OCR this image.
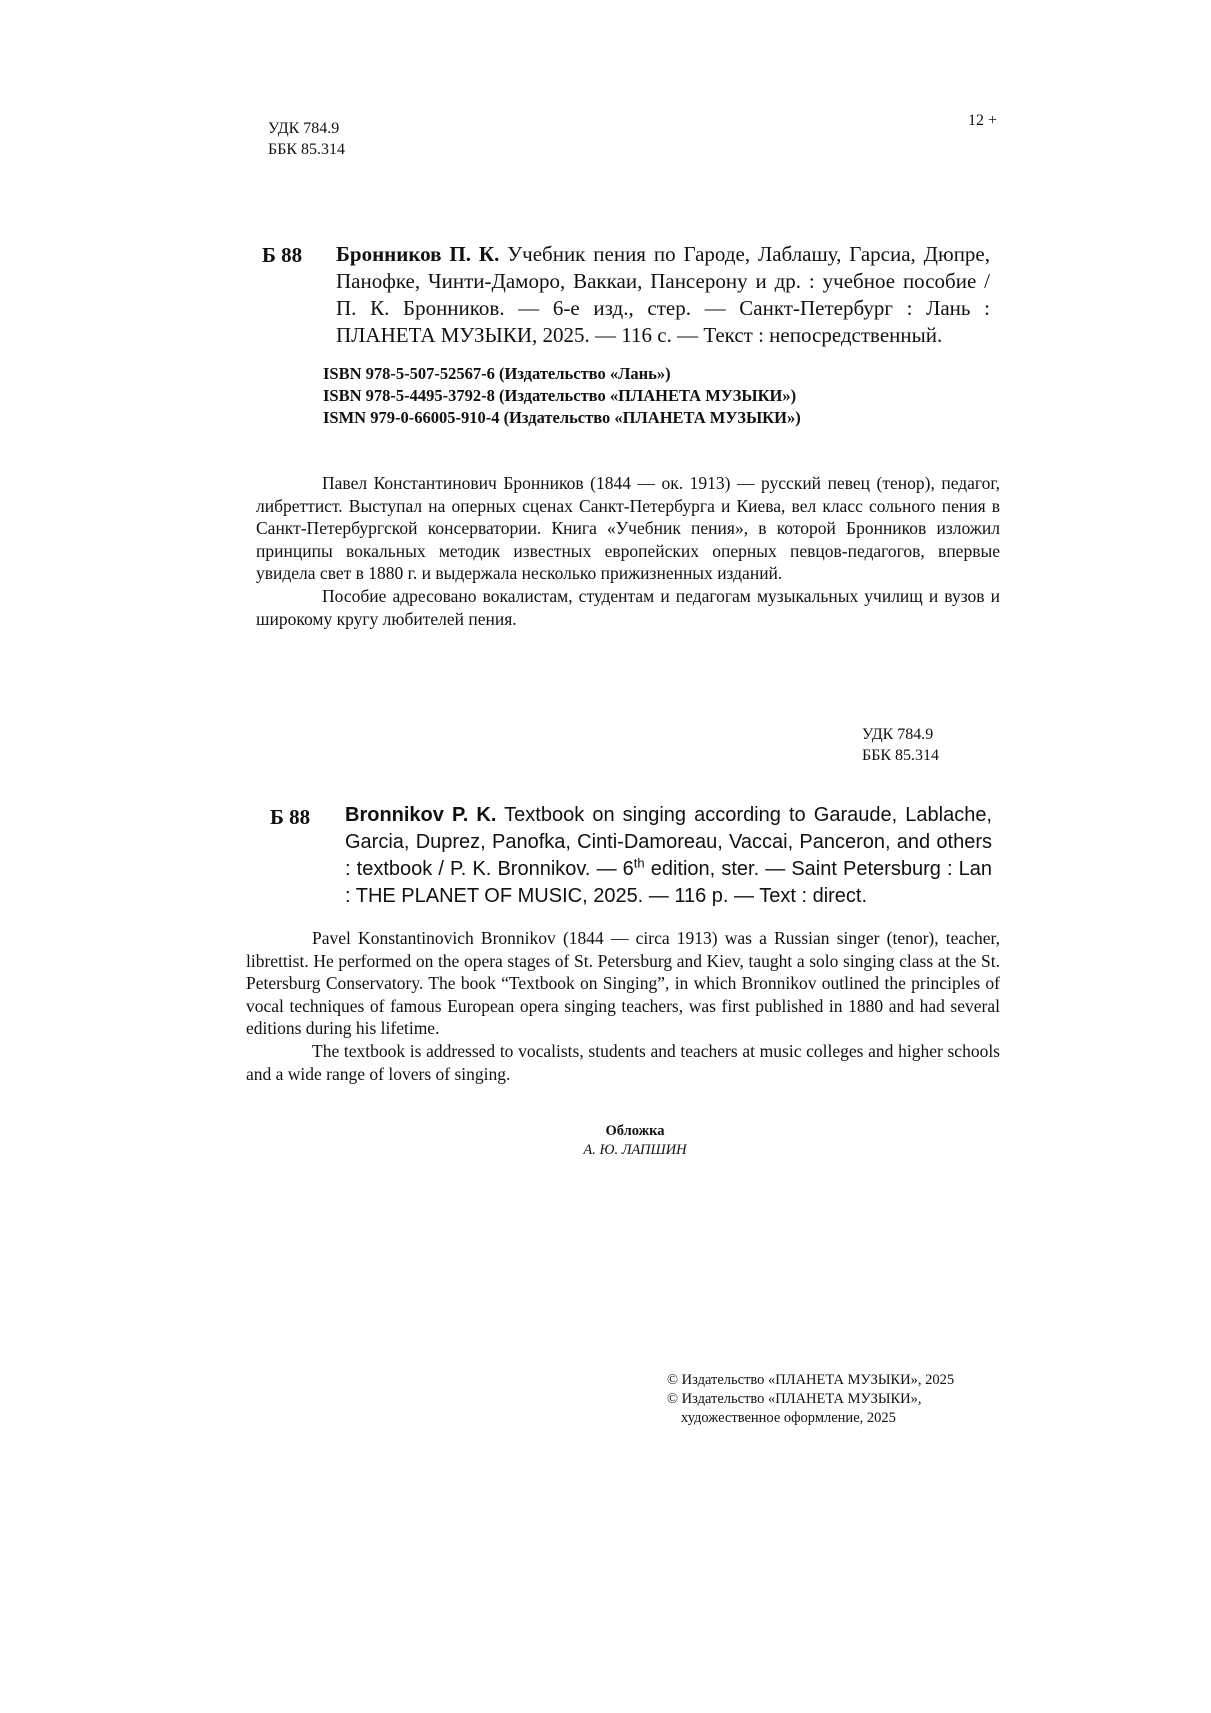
УДК 784.9
ББК 85.314
12 +
Б 88 Бронников П. К. Учебник пения по Гароде, Лаблашу, Гарсиа, Дюпре, Панофке, Чинти-Дамоpо, Ваккаи, Пансерону и др. : учебное пособие / П. К. Бронников. — 6-е изд., стер. — Санкт-Петербург : Лань : ПЛАНЕТА МУЗЫКИ, 2025. — 116 с. — Текст : непосредственный.
ISBN 978-5-507-52567-6 (Издательство «Лань»)
ISBN 978-5-4495-3792-8 (Издательство «ПЛАНЕТА МУЗЫКИ»)
ISMN 979-0-66005-910-4 (Издательство «ПЛАНЕТА МУЗЫКИ»)

Павел Константинович Бронников (1844 — ок. 1913) — русский певец (тенор), педагог, либреттист. Выступал на оперных сценах Санкт-Петербурга и Киева, вел класс сольного пения в Санкт-Петербургской консерватории. Книга «Учебник пения», в которой Бронников изложил принципы вокальных методик известных европейских оперных певцов-педагогов, впервые увидела свет в 1880 г. и выдержала несколько прижизненных изданий.

Пособие адресовано вокалистам, студентам и педагогам музыкальных училищ и вузов и широкому кругу любителей пения.

УДК 784.9
ББК 85.314
Б 88 Bronnikov P. K. Textbook on singing according to Garaude, Lablache, Garcia, Duprez, Panofka, Cinti-Damoreau, Vaccai, Panceron, and others : textbook / P. K. Bronnikov. — 6th edition, ster. — Saint Petersburg : Lan : THE PLANET OF MUSIC, 2025. — 116 p. — Text : direct.

Pavel Konstantinovich Bronnikov (1844 — circa 1913) was a Russian singer (tenor), teacher, librettist. He performed on the opera stages of St. Petersburg and Kiev, taught a solo singing class at the St. Petersburg Conservatory. The book “Textbook on Singing”, in which Bronnikov outlined the principles of vocal techniques of famous European opera singing teachers, was first published in 1880 and had several editions during his lifetime.

The textbook is addressed to vocalists, students and teachers at music colleges and higher schools and a wide range of lovers of singing.

Обложка
А. Ю. ЛАПШИН
© Издательство «ПЛАНЕТА МУЗЫКИ», 2025
© Издательство «ПЛАНЕТА МУЗЫКИ»,
художественное оформление, 2025
